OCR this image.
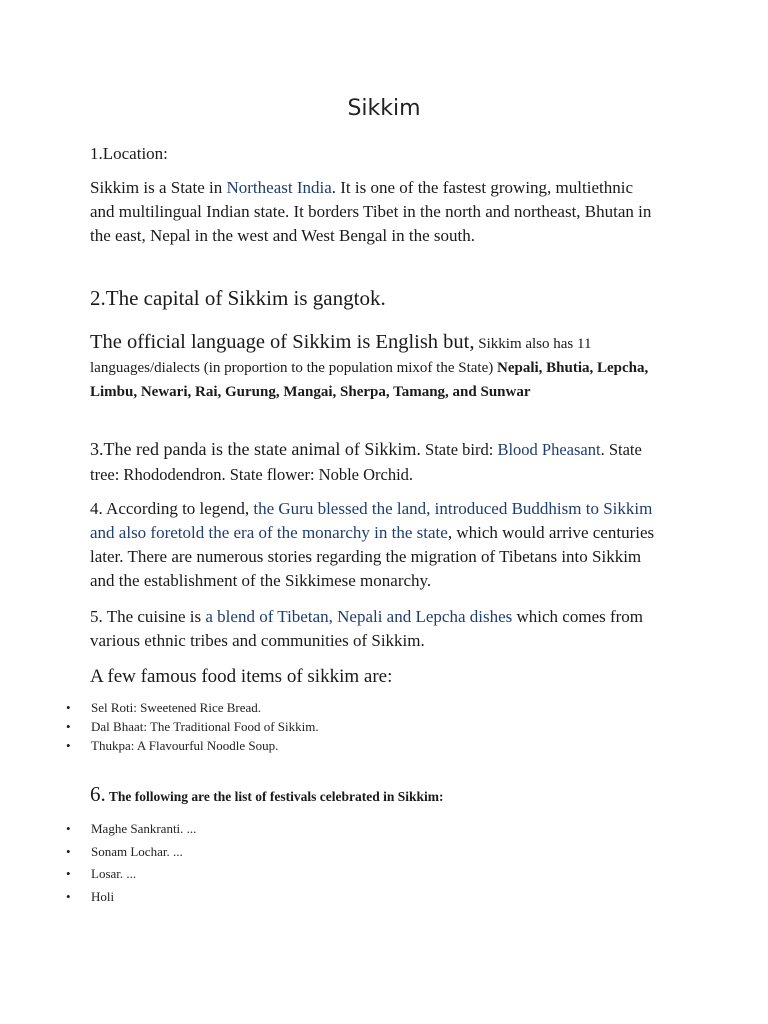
Sikkim
1.Location:
Sikkim is a State in Northeast India. It is one of the fastest growing, multiethnic and multilingual Indian state. It borders Tibet in the north and northeast, Bhutan in the east, Nepal in the west and West Bengal in the south.
2.The capital of Sikkim is gangtok.
The official language of Sikkim is English but, Sikkim also has 11 languages/dialects (in proportion to the population mixof the State) Nepali, Bhutia, Lepcha, Limbu, Newari, Rai, Gurung, Mangai, Sherpa, Tamang, and Sunwar
3.The red panda is the state animal of Sikkim. State bird: Blood Pheasant. State tree: Rhododendron. State flower: Noble Orchid.
4. According to legend, the Guru blessed the land, introduced Buddhism to Sikkim and also foretold the era of the monarchy in the state, which would arrive centuries later. There are numerous stories regarding the migration of Tibetans into Sikkim and the establishment of the Sikkimese monarchy.
5. The cuisine is a blend of Tibetan, Nepali and Lepcha dishes which comes from various ethnic tribes and communities of Sikkim.
A few famous food items of sikkim are:
• Sel Roti: Sweetened Rice Bread.
• Dal Bhaat: The Traditional Food of Sikkim.
• Thukpa: A Flavourful Noodle Soup.
6. The following are the list of festivals celebrated in Sikkim:
• Maghe Sankranti. ...
• Sonam Lochar. ...
• Losar. ...
• Holi
